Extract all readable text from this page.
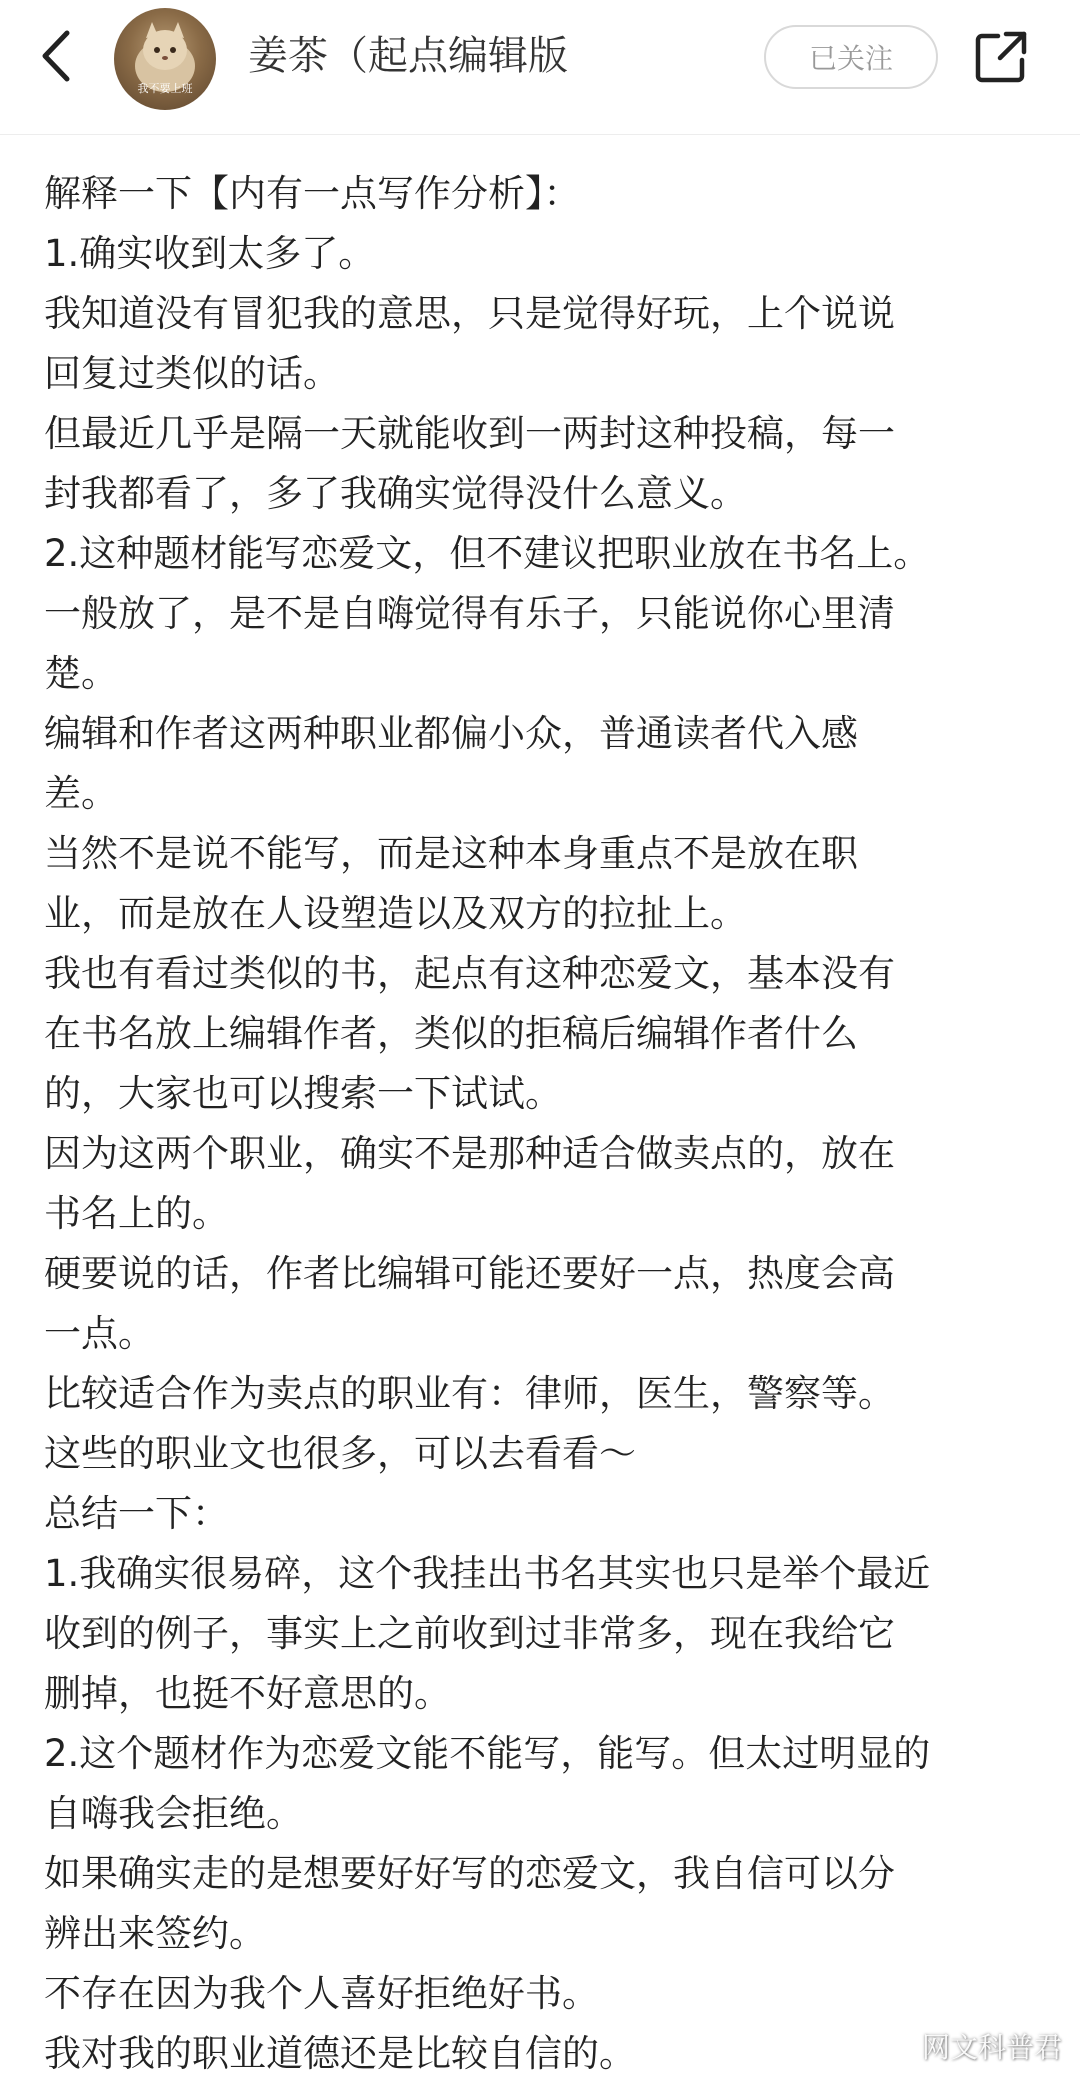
我不要上班
姜茶（起点编辑版	已关注
解释一下【内有一点写作分析】：
1.确实收到太多了。
我知道没有冒犯我的意思，只是觉得好玩，上个说说
回复过类似的话。
但最近几乎是隔一天就能收到一两封这种投稿，每一
封我都看了，多了我确实觉得没什么意义。
2.这种题材能写恋爱文，但不建议把职业放在书名上。
一般放了，是不是自嗨觉得有乐子，只能说你心里清
楚。
编辑和作者这两种职业都偏小众，普通读者代入感
差。
当然不是说不能写，而是这种本身重点不是放在职
业，而是放在人设塑造以及双方的拉扯上。
我也有看过类似的书，起点有这种恋爱文，基本没有
在书名放上编辑作者，类似的拒稿后编辑作者什么
的，大家也可以搜索一下试试。
因为这两个职业，确实不是那种适合做卖点的，放在
书名上的。
硬要说的话，作者比编辑可能还要好一点，热度会高
一点。
比较适合作为卖点的职业有：律师，医生，警察等。
这些的职业文也很多，可以去看看～
总结一下：
1.我确实很易碎，这个我挂出书名其实也只是举个最近
收到的例子，事实上之前收到过非常多，现在我给它
删掉，也挺不好意思的。
2.这个题材作为恋爱文能不能写，能写。但太过明显的
自嗨我会拒绝。
如果确实走的是想要好好写的恋爱文，我自信可以分
辨出来签约。
不存在因为我个人喜好拒绝好书。
我对我的职业道德还是比较自信的。	网文科普君
